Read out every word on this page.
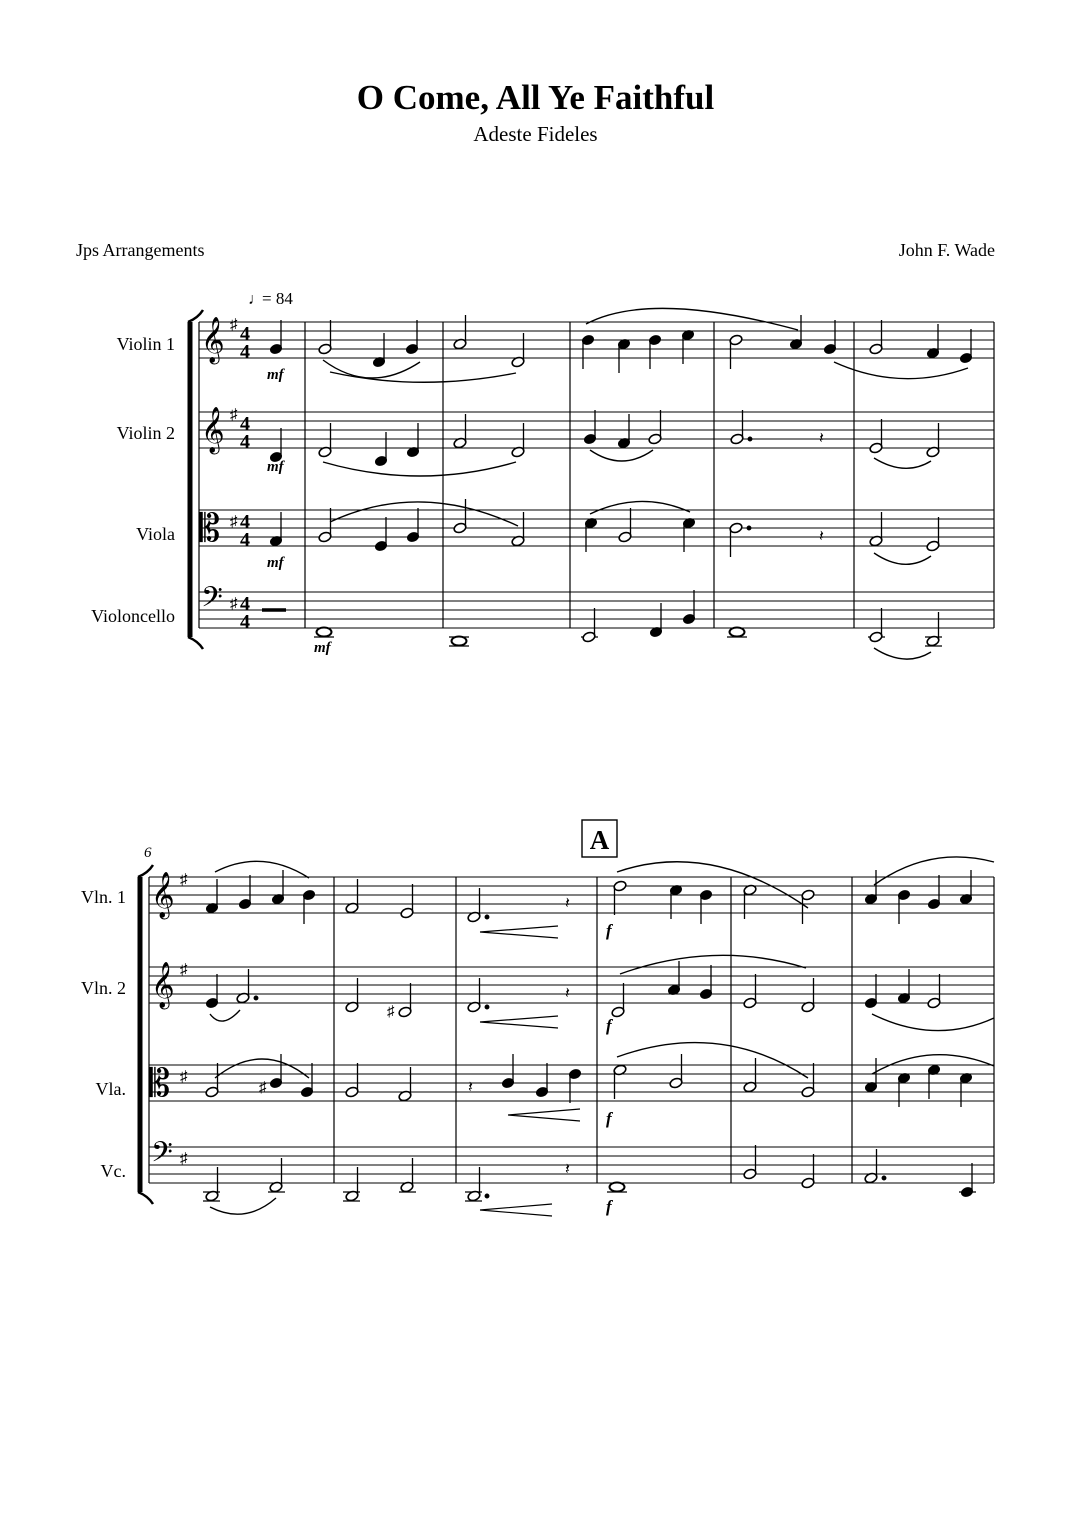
O Come, All Ye Faithful
Adeste Fideles
Jps Arrangements	John F. Wade
♩
= 84
Violin 1
Violin 2
Viola
Violoncello
𝄞
𝄞
𝄡
𝄢
♯
♯
♯
♯
4
4
4
4
4
4
4
4
𝄽
𝄽
mf
mf
mf
mf
6	A
Vln. 1
Vln. 2
Vla.
Vc.
𝄞
𝄞
𝄡
𝄢
♯
♯
♯
♯
𝄽
♯
𝄽
♯	𝄽
𝄽
f
f
f
f
